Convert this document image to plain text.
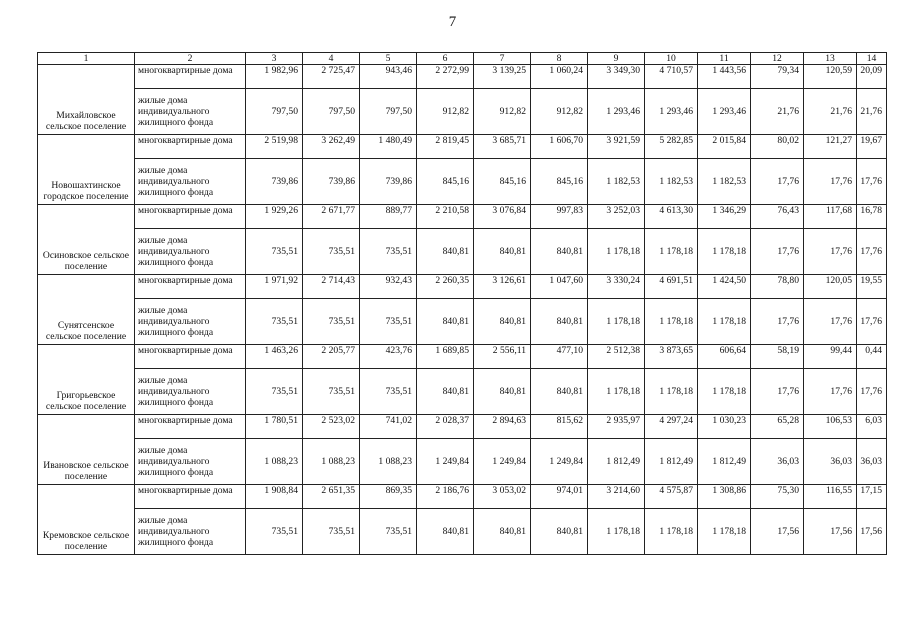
7
1	2	3	4	5	6	7	8	9	10	11	12	13	14
Михайловское сельское поселение	многоквартирные дома	1 982,96	2 725,47	943,46	2 272,99	3 139,25	1 060,24	3 349,30	4 710,57	1 443,56	79,34	120,59	20,09
	жилые дома индивидуального жилищного фонда	797,50	797,50	797,50	912,82	912,82	912,82	1 293,46	1 293,46	1 293,46	21,76	21,76	21,76
Новошахтинское городское поселение	многоквартирные дома	2 519,98	3 262,49	1 480,49	2 819,45	3 685,71	1 606,70	3 921,59	5 282,85	2 015,84	80,02	121,27	19,67
	жилые дома индивидуального жилищного фонда	739,86	739,86	739,86	845,16	845,16	845,16	1 182,53	1 182,53	1 182,53	17,76	17,76	17,76
Осиновское сельское поселение	многоквартирные дома	1 929,26	2 671,77	889,77	2 210,58	3 076,84	997,83	3 252,03	4 613,30	1 346,29	76,43	117,68	16,78
	жилые дома индивидуального жилищного фонда	735,51	735,51	735,51	840,81	840,81	840,81	1 178,18	1 178,18	1 178,18	17,76	17,76	17,76
Сунятсенское сельское поселение	многоквартирные дома	1 971,92	2 714,43	932,43	2 260,35	3 126,61	1 047,60	3 330,24	4 691,51	1 424,50	78,80	120,05	19,55
	жилые дома индивидуального жилищного фонда	735,51	735,51	735,51	840,81	840,81	840,81	1 178,18	1 178,18	1 178,18	17,76	17,76	17,76
Григорьевское сельское поселение	многоквартирные дома	1 463,26	2 205,77	423,76	1 689,85	2 556,11	477,10	2 512,38	3 873,65	606,64	58,19	99,44	0,44
	жилые дома индивидуального жилищного фонда	735,51	735,51	735,51	840,81	840,81	840,81	1 178,18	1 178,18	1 178,18	17,76	17,76	17,76
Ивановское сельское поселение	многоквартирные дома	1 780,51	2 523,02	741,02	2 028,37	2 894,63	815,62	2 935,97	4 297,24	1 030,23	65,28	106,53	6,03
	жилые дома индивидуального жилищного фонда	1 088,23	1 088,23	1 088,23	1 249,84	1 249,84	1 249,84	1 812,49	1 812,49	1 812,49	36,03	36,03	36,03
Кремовское сельское поселение	многоквартирные дома	1 908,84	2 651,35	869,35	2 186,76	3 053,02	974,01	3 214,60	4 575,87	1 308,86	75,30	116,55	17,15
	жилые дома индивидуального жилищного фонда	735,51	735,51	735,51	840,81	840,81	840,81	1 178,18	1 178,18	1 178,18	17,56	17,56	17,56
